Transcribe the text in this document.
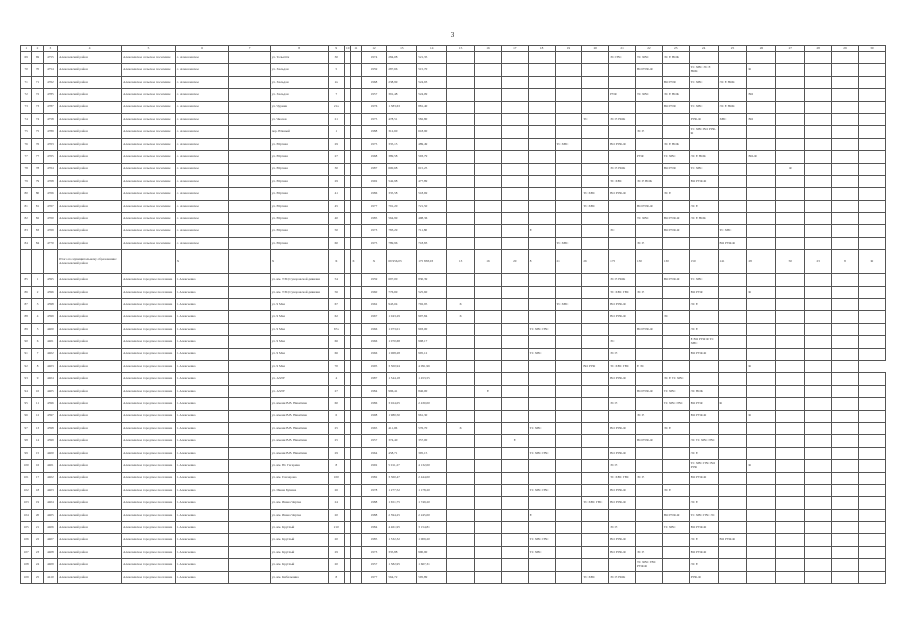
3
1	2	3	4	5	6	7	8	9	10	11	12	13	14	15	16	17	18	19	20	21	22	23	24	25	26	27	28	29	30
69	69	4755	Алексеевский район	Алексеевское сельское поселение	с. Алексеевское		ул. Тольятти	30			1974	284,08	521,35							ЭС ГВС	ТС ХВС	ЭС Е НОК							
70	70	4754	Алексеевский район	Алексеевское сельское поселение	с. Алексеевское		ул. Хальдан	5			1959	287,66	515,70								ВО РУФ-Ф		ТС ХВС ЭС Е НОК		Ф				
71	71	4762	Алексеевский район	Алексеевское сельское поселение	с. Алексеевское		ул. Хальдан	2а			1968	238,99	524,93									ВО РУФ	ТС ХВС	ЭС Е НОК					
72	72	4785	Алексеевский район	Алексеевское сельское поселение	с. Алексеевское		ул. Хальдан	7			1957	391,48	524,09							РУФ	ТС ХВС	ЭС Е НОК			ВО				
73	73	4787	Алексеевский район	Алексеевское сельское поселение	с. Алексеевское		ул. Чуркин	21а			1976	1 383,63	881,40									ВО РУФ	ТС ХВС	ЭС Е НОК					
74	74	4758	Алексеевский район	Алексеевское сельское поселение	с. Алексеевское		ул. Чкалов	21			1975	478,51	582,80						ТС	ЭС Е НОК			РУФ-Ф	ХВС	ВО				
75	75	4789	Алексеевский район	Алексеевское сельское поселение	с. Алексеевское		пер. Южный	1			1988	312,60	618,90								ЭС Е		ТС ХВС ВО РУФ-Ф						
76	76	4763	Алексеевский район	Алексеевское сельское поселение	с. Алексеевское		ул. Юртная	29			1975	335,15	489,49					ТС ХВС		ВО РУФ-Ф		ЭС Е НОК							
77	77	4765	Алексеевский район	Алексеевское сельское поселение	с. Алексеевское		ул. Юртная	27			1968	389,58	593,79								РУФ	ТС ХВС	ЭС Е НОК		ВО-Ф				
78	78	4764	Алексеевский район	Алексеевское сельское поселение	с. Алексеевское		ул. Юртная	30			1987	600,68	615,25							ЭС Е НОК		ВО РУФ	ТС ХВС			Ф			
79	79	4768	Алексеевский район	Алексеевское сельское поселение	с. Алексеевское		ул. Юртная	29			1992	542,98	477,89							ТС ХВС	ЭС Е НОК		ВО РУФ-Ф						
80	80	4766	Алексеевский район	Алексеевское сельское поселение	с. Алексеевское		ул. Юртная	41			1986	335,58	518,69						ТС ХВС	ВО РУФ-Ф		ЭС Е							
81	81	4767	Алексеевский район	Алексеевское сельское поселение	с. Алексеевское		ул. Юртная	45			1977	791,20	721,50						ТС ХВС		ВО РУФ-Ф		ЭС Е						
82	82	4760	Алексеевский район	Алексеевское сельское поселение	с. Алексеевское		ул. Юртная	40			1985	564,99	498,36								ТС ХВС	ВО РУФ-Ф	ЭС Е НОК						
83	83	4769	Алексеевский район	Алексеевское сельское поселение	с. Алексеевское		ул. Юртная	50			1973	783,29	711,80				Е			ЭС		ВО РУФ-Ф		ТС ХВС					
84	84	4770	Алексеевский район	Алексеевское сельское поселение	с. Алексеевское		ул. Юртная	60			1975	789,96	718,83					ТС ХВС			ЭС Е			ВО РУФ-Ф					
			Итого по муниципальному образованию: Алексеевский район		Х		Х	Х		Х	Х	69 956,03	175 838,03	13	16	20	8	21	26	175	130	130	150	141	28	50	23	8	Ф
85	1	4395	Алексеевский район	Алексеевское городское поселение	г. Алексеевка		ул. им. ТЭЦ Суворовской дивизии	54			1959	697,00	830,39							ЭС Е НОК		ВО РУФ-Ф	ТС ХВС						
86	2	4396	Алексеевский район	Алексеевское городское поселение	г. Алексеевка		ул. им. ТЭЦ Суворовской дивизии	56			1960	776,69	525,60							ТС ХВС ГВС	ЭС Е		ВО РУФ		Ф				
87	3	4398	Алексеевский район	Алексеевское городское поселение	г. Алексеевка		ул. 9 Мая	67			1962	943,04	792,95	Х				ТС ХВС		ВО РУФ-Ф			ЭС Е						
88	4	4399	Алексеевский район	Алексеевское городское поселение	г. Алексеевка		ул. 9 Мая	62			1967	1 043,29	997,84	Х						ВО РУФ-Ф		ЭС							
89	5	4400	Алексеевский район	Алексеевское городское поселение	г. Алексеевка		ул. 9 Мая	67а			1966	1 073,01	993,00				ТС ХВС ГВС				ВО РУФ-Ф		ЭС Е						
90	6	4401	Алексеевский район	Алексеевское городское поселение	г. Алексеевка		ул. 9 Мая	66			1966	1 070,68	998,17							ЭС			Е ВО РУФ Ф ТС ХВС						
91	7	4402	Алексеевский район	Алексеевское городское поселение	г. Алексеевка		ул. 9 Мая	66			1966	1 068,28	995,12				ТС ХВС			ЭС Е			ВО РУФ-Ф						
92	8	4403	Алексеевский район	Алексеевское городское поселение	г. Алексеевка		ул. 9 Мая	70			1995	3 500,94	4 091,96						ВО РУФ	ТС ХВС ГВС	Е ЭС				Ф				
93	9	4404	Алексеевский район	Алексеевское городское поселение	г. Алексеевка		ул. АЗЛУ	4			1987	1 544,18	1 453,55							ВО РУФ-Ф		ЭС Е ТС ХВС							
94	10	4405	Алексеевский район	Алексеевское городское поселение	г. Алексеевка		ул. АЗЛУ	27			1984	996,41	846,00		Е						ВО РУФ-Ф	ТС ХВС	ЭС НОК						
95	11	4396	Алексеевский район	Алексеевское городское поселение	г. Алексеевка		ул. имени В.В. Никитина	60			1986	3 024,05	2 430,00							ЭС Е		ТС ХВС ГВС	ВО РУФ	Ф					
96	12	4397	Алексеевский район	Алексеевское городское поселение	г. Алексеевка		ул. имени В.В. Никитина	6			1998	1 980,50	961,30								ЭС Е		ВО РУФ-Ф		Ф				
97	13	4398	Алексеевский район	Алексеевское городское поселение	г. Алексеевка		ул. имени В.В. Никитина	25			1965	411,06	576,70	Х			ТС ХВС			ВО РУФ-Ф		ЭС Е							
98	14	4399	Алексеевский район	Алексеевское городское поселение	г. Алексеевка		ул. имени В.В. Никитина	25			1957	374,40	357,00			Е					ВО РУФ-Ф		ЭС ТС ХВС ГВС						
99	15	4400	Алексеевский район	Алексеевское городское поселение	г. Алексеевка		ул. имени В.В. Никитина	29			1964	458,71	395,15				ТС ХВС ГВС			ВО РУФ-Ф			ЭС Е						
100	16	4401	Алексеевский район	Алексеевское городское поселение	г. Алексеевка		ул. им. Ю. Гагарина	8			1992	5 011,27	4 132,00							ЭС Е			ТС ХВС ГВС ВО РУФ		Ф				
101	17	4402	Алексеевский район	Алексеевское городское поселение	г. Алексеевка		ул. им. Гончарова	100			1982	3 360,47	2 444,00							ТС ХВС ГВС	ЭС Е		ВО РУФ-Ф						
102	18	4403	Алексеевский район	Алексеевское городское поселение	г. Алексеевка		ул. Ивана Бунина	26			1978	1 277,52	1 178,20				ТС ХВС ГВС			ВО РУФ-Ф		ЭС Е							
103	19	4404	Алексеевский район	Алексеевское городское поселение	г. Алексеевка		ул. им. Ивана Чертка	24			1988	1 651,75	1 749,20						ТС ХВС ГВС	ВО РУФ-Ф			ЭС Е						
104	20	4405	Алексеевский район	Алексеевское городское поселение	г. Алексеевка		ул. им. Ивана Чертка	20			1988	2 594,25	2 245,00				Е					ВО РУФ-Ф	ТС ХВС ГВС ЭС						
105	21	4406	Алексеевский район	Алексеевское городское поселение	г. Алексеевка		ул. им. Круглый	210			1984	4 461,95	3 154,81							ЭС Е		ТС ХВС	ВО РУФ-Ф						
106	22	4407	Алексеевский район	Алексеевское городское поселение	г. Алексеевка		ул. им. Круглый	20			1985	1 532,32	1 009,20				ТС ХВС ГВС			ВО РУФ-Ф			ЭС Е	ВО РУФ-Ф					
107	23	4408	Алексеевский район	Алексеевское городское поселение	г. Алексеевка		ул. им. Круглый	29			1973	335,88	990,90				ТС ХВС			ВО РУФ-Ф	ЭС Е		ВО РУФ-Ф						
108	24	4409	Алексеевский район	Алексеевское городское поселение	г. Алексеевка		ул. им. Круглый	20			1957	1 582,95	1 667,31								ТС ХВС ГВС РУФ-Ф		ЭС Е						
109	25	4410	Алексеевский район	Алексеевское городское поселение	г. Алексеевка		ул. им. Кибальчина	8			1977	564,72	595,89						ТС ХВС	ЭС Е НОК			РУФ-Ф						
